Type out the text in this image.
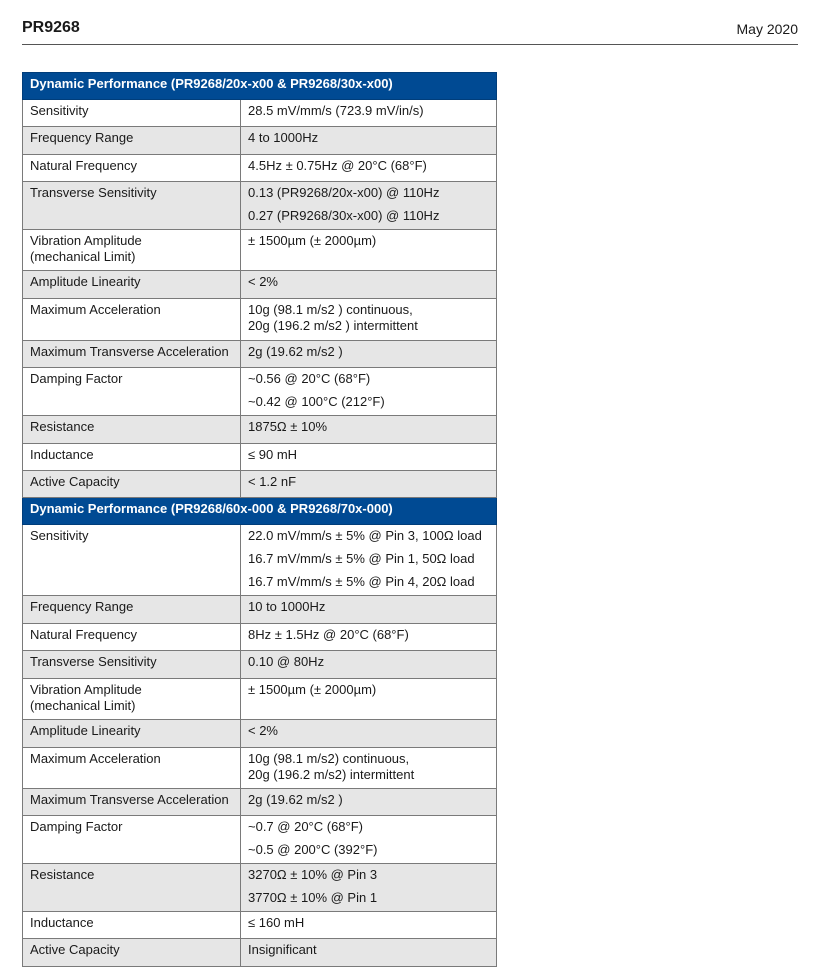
PR9268	May 2020
Dynamic Performance (PR9268/20x-x00 & PR9268/30x-x00)	
Sensitivity	28.5 mV/mm/s (723.9 mV/in/s)

Frequency Range	4 to 1000Hz

Natural Frequency	4.5Hz ± 0.75Hz @ 20°C (68°F)

Transverse Sensitivity	0.13 (PR9268/20x-x00) @ 110Hz
0.27 (PR9268/30x-x00) @ 110Hz

Vibration Amplitude
(mechanical Limit)	± 1500µm (± 2000µm)

Amplitude Linearity	< 2%

Maximum Acceleration	10g (98.1 m/s2 ) continuous,
20g (196.2 m/s2 ) intermittent

Maximum Transverse Acceleration	2g (19.62 m/s2 )

Damping Factor	~0.56 @ 20°C (68°F)
~0.42 @ 100°C (212°F)

Resistance	1875Ω ± 10%

Inductance	≤ 90 mH

Active Capacity	< 1.2 nF

Dynamic Performance (PR9268/60x-000 & PR9268/70x-000)	
Sensitivity	22.0 mV/mm/s ± 5% @ Pin 3, 100Ω load
16.7 mV/mm/s ± 5% @ Pin 1, 50Ω load
16.7 mV/mm/s ± 5% @ Pin 4, 20Ω load

Frequency Range	10 to 1000Hz

Natural Frequency	8Hz ± 1.5Hz @ 20°C (68°F)

Transverse Sensitivity	0.10 @ 80Hz

Vibration Amplitude
(mechanical Limit)	± 1500µm (± 2000µm)

Amplitude Linearity	< 2%

Maximum Acceleration	10g (98.1 m/s2) continuous,
20g (196.2 m/s2) intermittent

Maximum Transverse Acceleration	2g (19.62 m/s2 )

Damping Factor	~0.7 @ 20°C (68°F)
~0.5 @ 200°C (392°F)

Resistance	3270Ω ± 10% @ Pin 3
3770Ω ± 10% @ Pin 1

Inductance	≤ 160 mH

Active Capacity	Insignificant
